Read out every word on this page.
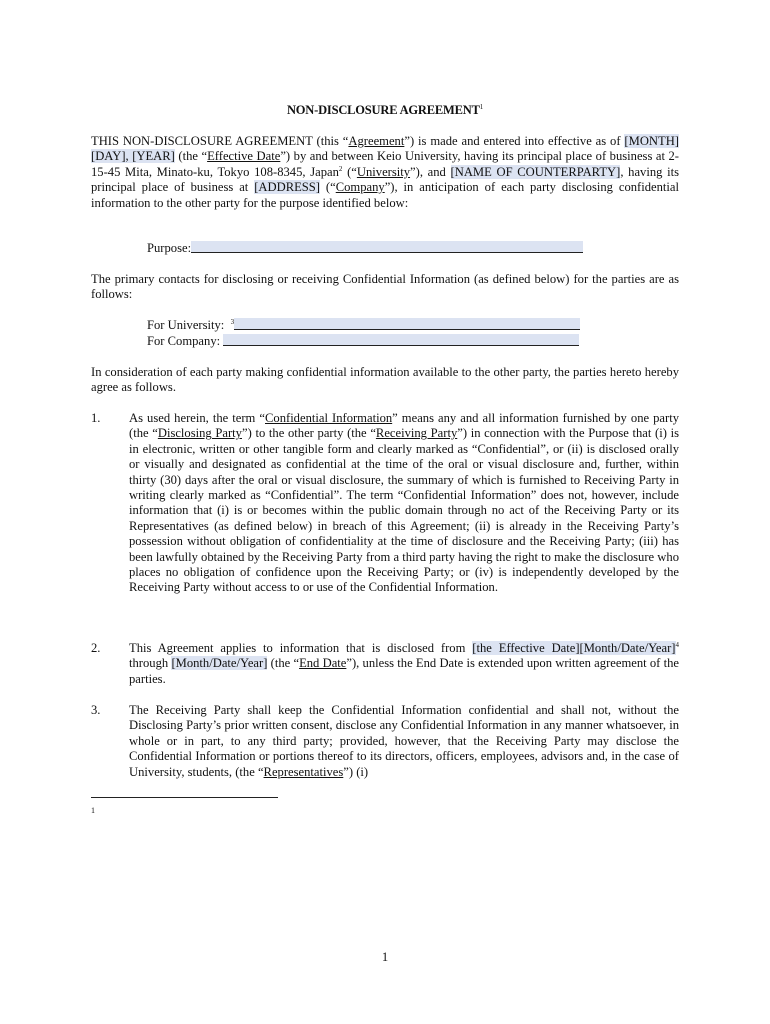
NON-DISCLOSURE AGREEMENT$^1$
THIS NON-DISCLOSURE AGREEMENT (this “Agreement”) is made and entered into effective as of [MONTH][DAY], [YEAR] (the “Effective Date”) by and between Keio University, having its principal place of business at 2-15-45 Mita, Minato-ku, Tokyo 108-8345, Japan$^2$ (“University”), and [NAME OF COUNTERPARTY], having its principal place of business at [ADDRESS] (“Company”), in anticipation of each party disclosing confidential information to the other party for the purpose identified below:
Purpose:
The primary contacts for disclosing or receiving Confidential Information (as defined below) for the parties are as follows:
For University: $^3$
For Company:
In consideration of each party making confidential information available to the other party, the parties hereto hereby agree as follows.
1.	As used herein, the term “Confidential Information” means any and all information furnished by one party (the “Disclosing Party”) to the other party (the “Receiving Party”) in connection with the Purpose that (i) is in electronic, written or other tangible form and clearly marked as “Confidential”, or (ii) is disclosed orally or visually and designated as confidential at the time of the oral or visual disclosure and, further, within thirty (30) days after the oral or visual disclosure, the summary of which is furnished to Receiving Party in writing clearly marked as “Confidential”. The term “Confidential Information” does not, however, include information that (i) is or becomes within the public domain through no act of the Receiving Party or its Representatives (as defined below) in breach of this Agreement; (ii) is already in the Receiving Party’s possession without obligation of confidentiality at the time of disclosure and the Receiving Party; (iii) has been lawfully obtained by the Receiving Party from a third party having the right to make the disclosure who places no obligation of confidence upon the Receiving Party; or (iv) is independently developed by the Receiving Party without access to or use of the Confidential Information.
2.	This Agreement applies to information that is disclosed from [the Effective Date][Month/Date/Year]$^4$ through [Month/Date/Year] (the “End Date”), unless the End Date is extended upon written agreement of the parties.
3.	The Receiving Party shall keep the Confidential Information confidential and shall not, without the Disclosing Party’s prior written consent, disclose any Confidential Information in any manner whatsoever, in whole or in part, to any third party; provided, however, that the Receiving Party may disclose the Confidential Information or portions thereof to its directors, officers, employees, advisors and, in the case of University, students, (the “Representatives”) (i)
1
1
